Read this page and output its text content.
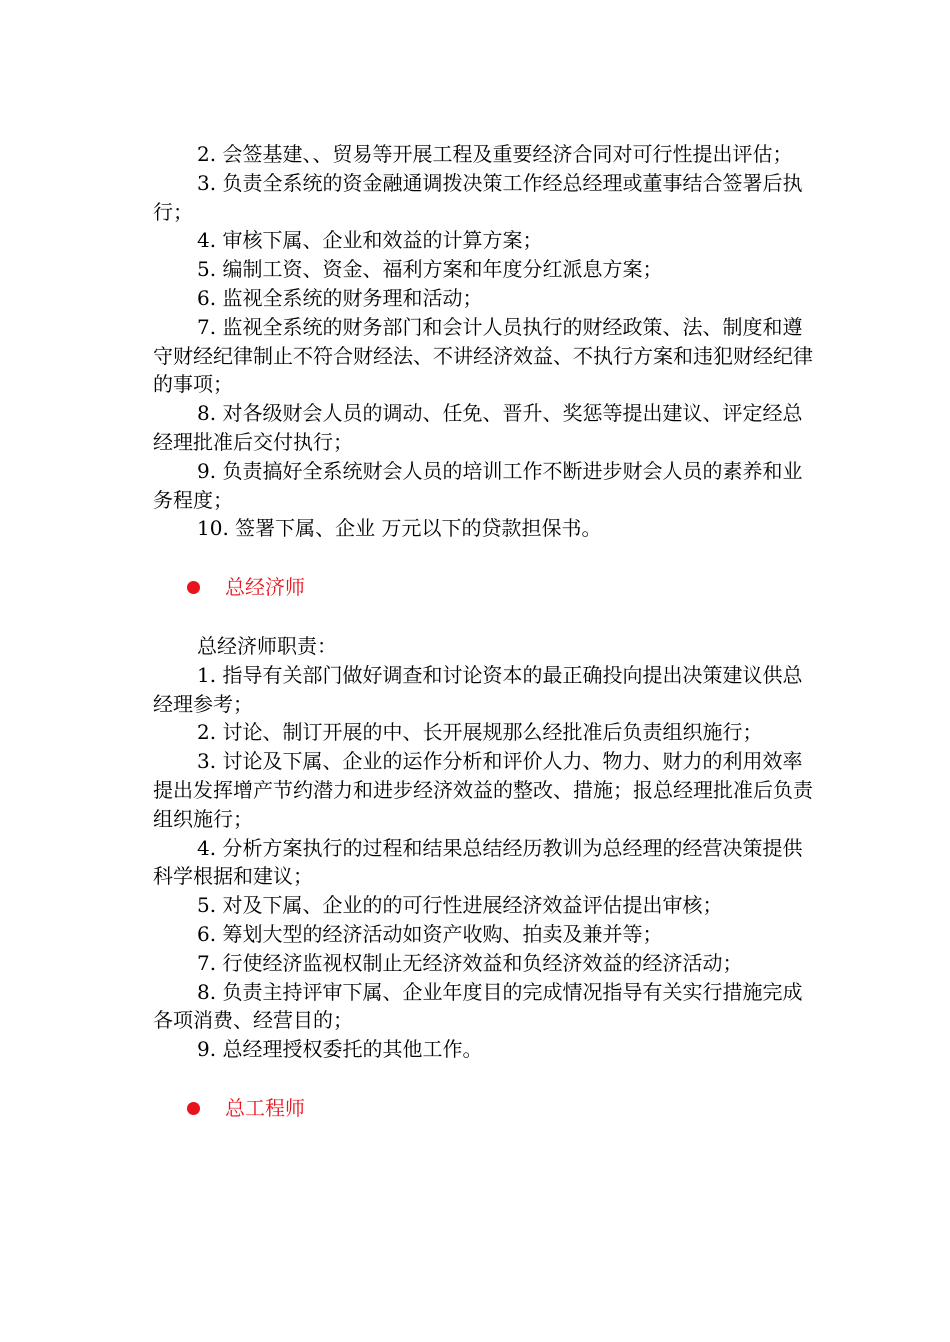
2. 会签基建、、贸易等开展工程及重要经济合同对可行性提出评估；

3. 负责全系统的资金融通调拨决策工作经总经理或董事结合签署后执行；

4. 审核下属、企业和效益的计算方案；

5. 编制工资、资金、福利方案和年度分红派息方案；

6. 监视全系统的财务理和活动；

7. 监视全系统的财务部门和会计人员执行的财经政策、法、制度和遵守财经纪律制止不符合财经法、不讲经济效益、不执行方案和违犯财经纪律的事项；

8. 对各级财会人员的调动、任免、晋升、奖惩等提出建议、评定经总经理批准后交付执行；

9. 负责搞好全系统财会人员的培训工作不断进步财会人员的素养和业务程度；

10. 签署下属、企业 万元以下的贷款担保书。

总经济师

总经济师职责：

1. 指导有关部门做好调查和讨论资本的最正确投向提出决策建议供总经理参考；

2. 讨论、制订开展的中、长开展规那么经批准后负责组织施行；

3. 讨论及下属、企业的运作分析和评价人力、物力、财力的利用效率提出发挥增产节约潜力和进步经济效益的整改、措施；报总经理批准后负责组织施行；

4. 分析方案执行的过程和结果总结经历教训为总经理的经营决策提供科学根据和建议；

5. 对及下属、企业的的可行性进展经济效益评估提出审核；

6. 筹划大型的经济活动如资产收购、拍卖及兼并等；

7. 行使经济监视权制止无经济效益和负经济效益的经济活动；

8. 负责主持评审下属、企业年度目的完成情况指导有关实行措施完成各项消费、经营目的；

9. 总经理授权委托的其他工作。

总工程师
